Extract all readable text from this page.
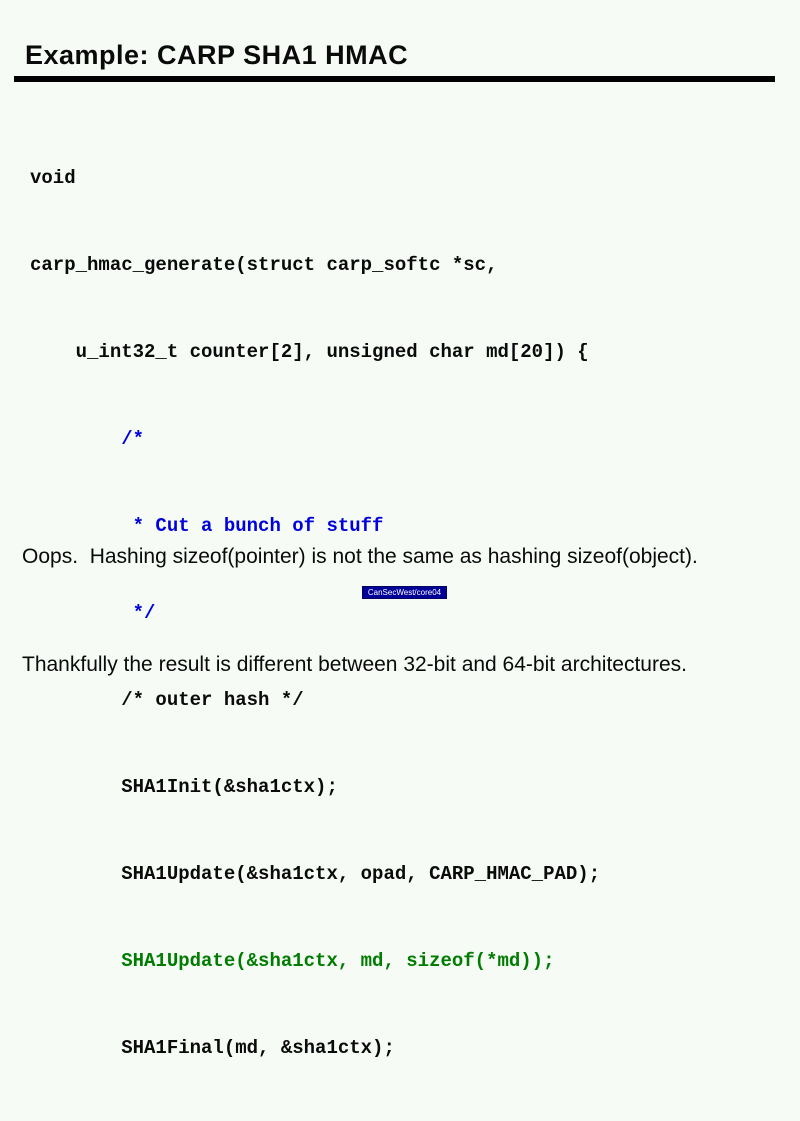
Example: CARP SHA1 HMAC

void

carp_hmac_generate(struct carp_softc *sc,

u_int32_t counter[2], unsigned char md[20]) {

/*

* Cut a bunch of stuff

*/

/* outer hash */

SHA1Init(&sha1ctx);

SHA1Update(&sha1ctx, opad, CARP_HMAC_PAD);

SHA1Update(&sha1ctx, md, sizeof(*md));

SHA1Final(md, &sha1ctx);

Oops.  Hashing sizeof(pointer) is not the same as hashing sizeof(object).

Thankfully the result is different between 32-bit and 64-bit architectures.

CanSecWest/core04
